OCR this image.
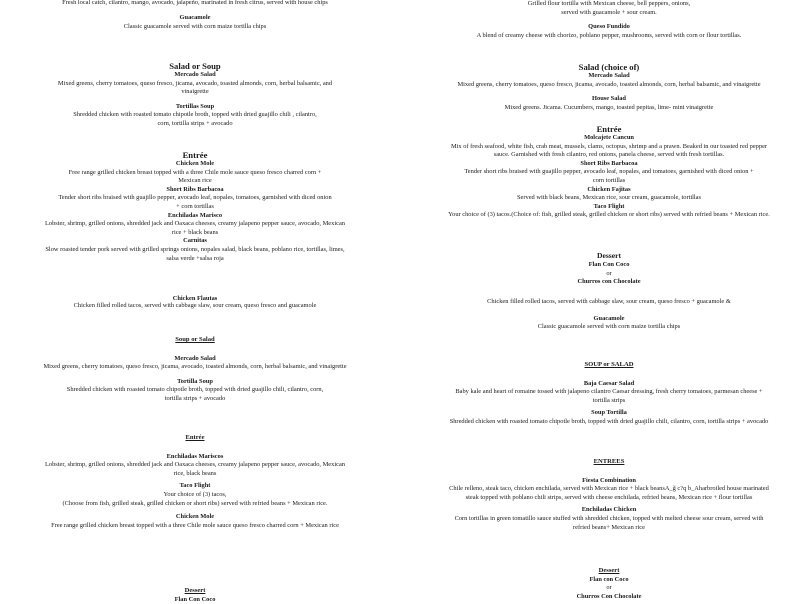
Fresh local catch, cilantro, mango, avocado, jalapeño, marinated in fresh citrus, served with house chips

Guacamole

Classic guacamole served with corn maize tortilla chips

Salad or Soup

Mercado Salad

Mixed greens, cherry tomatoes, queso fresco, jicama, avocado, toasted almonds, corn, herbal balsamic, and vinaigrette

Tortillas Soup

Shredded chicken with roasted tomato chipotle broth, topped with dried guajillo chili , cilantro, corn, tortilla strips + avocado

Entrée

Chicken Mole

Free range grilled chicken breast topped with a three Chile mole sauce queso fresco charred corn + Mexican rice

Short Ribs Barbacoa

Tender short ribs braised with guajillo pepper, avocado leaf, nopales, tomatoes, garnished with diced onion + corn tortillas

Enchiladas Marisco

Lobster, shrimp, grilled onions, shredded jack and Oaxaca cheeses, creamy jalapeno pepper sauce, avocado, Mexican rice + black beans

Carnitas

Slow roasted tender pork served with grilled springs onions, nopales salad, black beans, poblano rice, tortillas, limes, salsa verde +salsa roja

Chicken Flautas

Chicken filled rolled tacos, served with cabbage slaw, sour cream, queso fresco and guacamole

Soup or Salad

Mercado Salad

Mixed greens, cherry tomatoes, queso fresco, jicama, avocado, toasted almonds, corn, herbal balsamic, and vinaigrette

Tortilla Soup

Shredded chicken with roasted tomato chipotle broth, topped with dried guajillo chili, cilantro, corn, tortilla strips + avocado

Entrée

Enchiladas Mariscos

Lobster, shrimp, grilled onions, shredded jack and Oaxaca cheeses, creamy jalapeno pepper sauce, avocado, Mexican rice, black beans

Taco Flight

Your choice of (3) tacos,

(Choose from fish, grilled steak, grilled chicken or short ribs) served with refried beans + Mexican rice.

Chicken Mole

Free range grilled chicken breast topped with a three Chile mole sauce queso fresco charred corn + Mexican rice

Dessert

Flan Con Coco

Grilled flour tortilla with Mexican cheese, bell peppers, onions,

served with guacamole + sour cream.

Queso Fundido

A blend of creamy cheese with chorizo, poblano pepper, mushrooms, served with corn or flour tortillas.

Salad (choice of)

Mercado Salad

Mixed greens, cherry tomatoes, queso fresco, jicama, avocado, toasted almonds, corn, herbal balsamic, and vinaigrette

House Salad

Mixed greens. Jicama. Cucumbers, mango, toasted pepitas, lime- mint vinaigrette

Entrée

Molcajete Cancun

Mix of fresh seafood, white fish, crab meat, mussels, clams, octopus, shrimp and a prawn. Beaked in our toasted red pepper sauce. Garnished with fresh cilantro, red onions, panela cheese, served with fresh tortillas.

Short Ribs Barbacoa

Tender short ribs braised with guajillo pepper, avocado leaf, nopales, and tomatoes, garnished with diced onion + corn tortillas

Chicken Fajitas

Served with black beans, Mexican rice, sour cream, guacamole, tortillas

Taco Flight

Your choice of (3) tacos.(Choice of: fish, grilled steak, grilled chicken or short ribs) served with refried beans + Mexican rice.

Dessert

Flan Con Coco

or

Churros con Chocolate

Chicken filled rolled tacos, served with cabbage slaw, sour cream, queso fresco + guacamole &

Guacamole

Classic guacamole served with corn maize tortilla chips

SOUP or SALAD

Baja Caesar Salad

Baby kale and heart of romaine tossed with jalapeno cilantro Caesar dressing, fresh cherry tomatoes, parmesan cheese + tortilla strips

Soup Tortilla

Shredded chicken with roasted tomato chipotle broth, topped with dried guajillo chili, cilantro, corn, tortilla strips + avocado

ENTREES

Fiesta Combination

Chile relleno, steak taco, chicken enchilada, served with Mexican rice + black beansA_g̃ c?q b_Aharbroiled house marinated steak topped with poblano chili strips, served with cheese enchilada, refried beans, Mexican rice + flour tortillas

Enchiladas Chicken

Corn tortillas in green tomatillo sauce stuffed with shredded chicken, topped with melted cheese sour cream, served with refried beans+ Mexican rice

Dessert

Flan con Coco

or

Churros Con Chocolate
